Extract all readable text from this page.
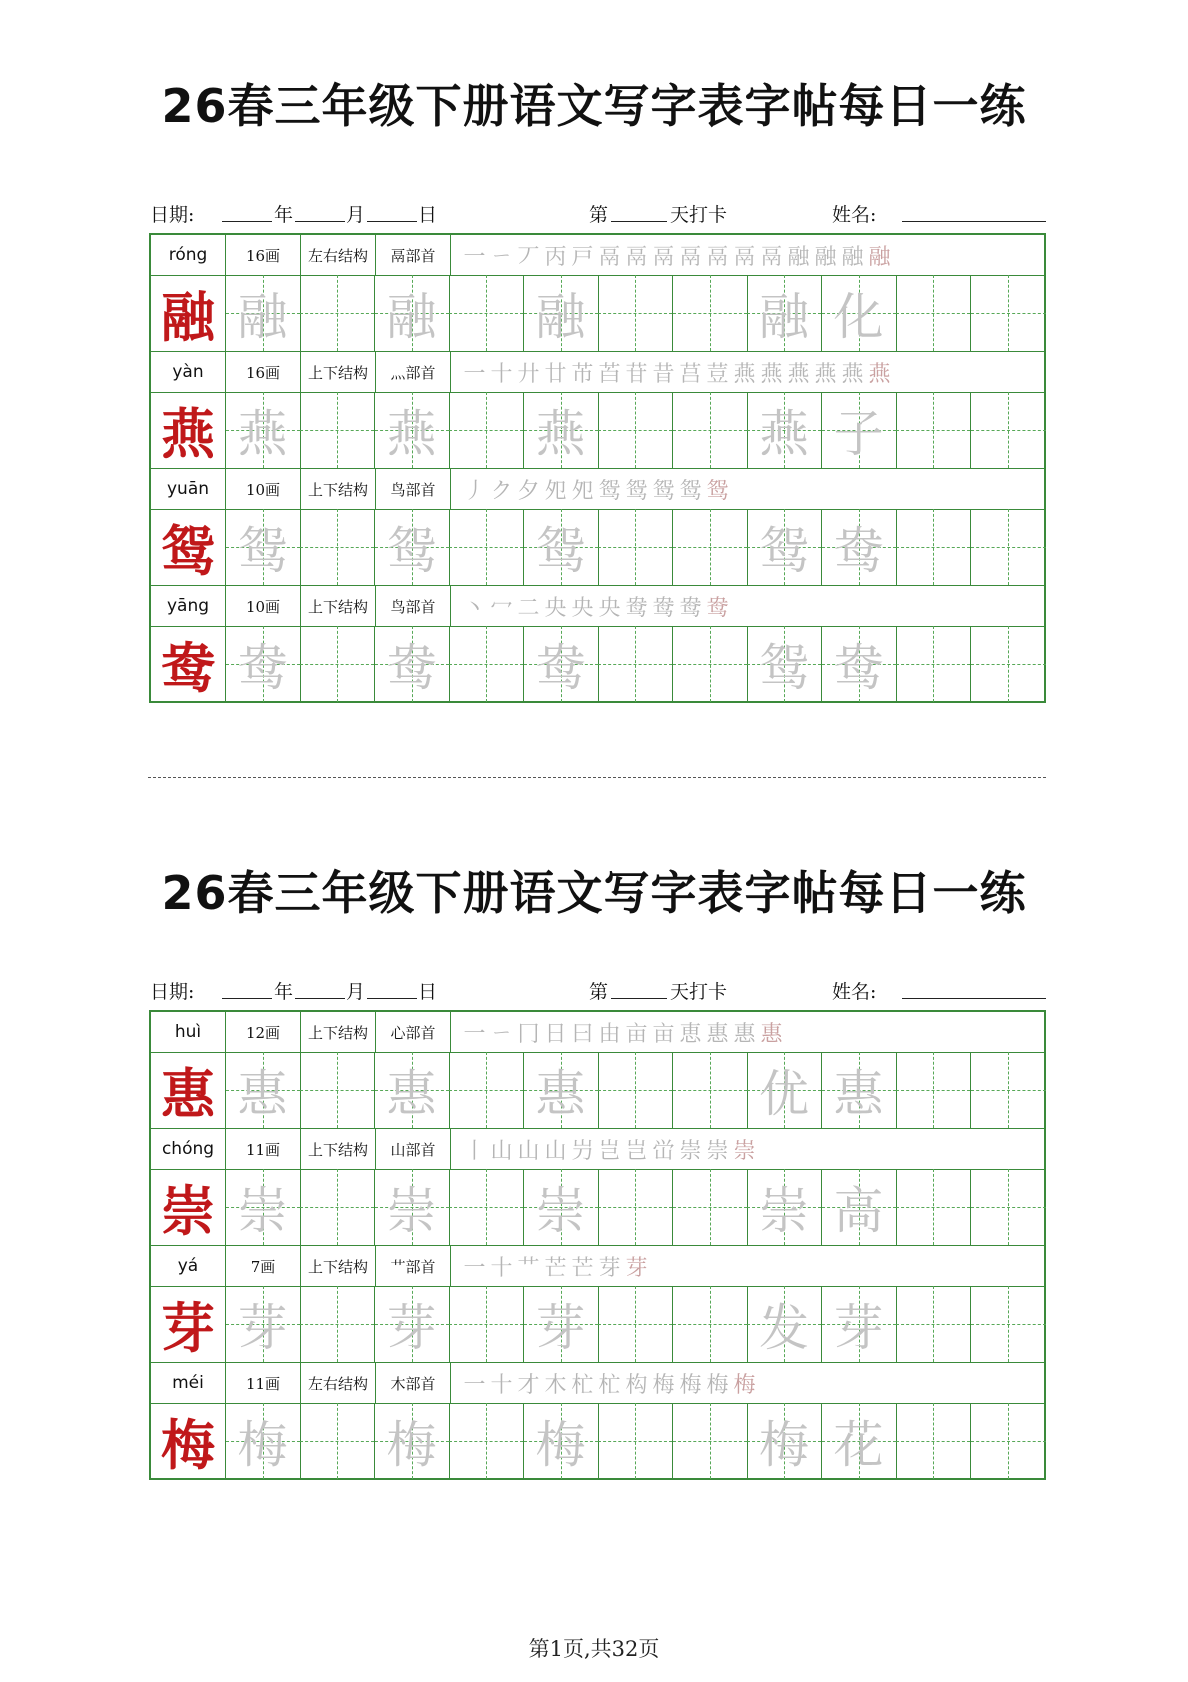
26春三年级下册语文写字表字帖每日一练
日期:	年	月	日	第	天打卡	姓名:
róng	16画	左右结构	鬲部首	一 ㄧ 丆 丙 戸 鬲 鬲 鬲 鬲 鬲 鬲 鬲 融 融 融 融
融 融 融 融	融 化
yàn	16画	上下结构	灬部首	一 十 廾 廿 芇 苩 苷 昔 莒 荳 燕 燕 燕 燕 燕 燕
燕 燕 燕 燕	燕 子
yuān	10画	上下结构	鸟部首	丿 ク 夕 夗 夗 鸳 鸳 鸳 鸳 鸳
鸳 鸳 鸳 鸳	鸳 鸯
yāng	10画	上下结构	鸟部首	丶 冖 二 央 央 央 鸯 鸯 鸯 鸯
鸯 鸯 鸯 鸯	鸳 鸯
26春三年级下册语文写字表字帖每日一练
日期:	年	月	日	第	天打卡	姓名:
huì	12画	上下结构	心部首	一 ㄧ 冂 日 曰 由 亩 亩 恵 惠 惠 惠
惠 惠 惠 惠	优 惠
chóng	11画	上下结构	山部首	丨 山 山 山 屶 岂 岂 峃 崇 崇 崇
崇 崇 崇 崇	崇 高
yá	7画	上下结构	艹部首	一 十 艹 芒 芒 芽 芽
芽 芽 芽 芽	发 芽
méi	11画	左右结构	木部首	一 十 才 木 杧 杧 构 梅 梅 梅 梅
梅 梅 梅 梅	梅 花
第1页,共32页
